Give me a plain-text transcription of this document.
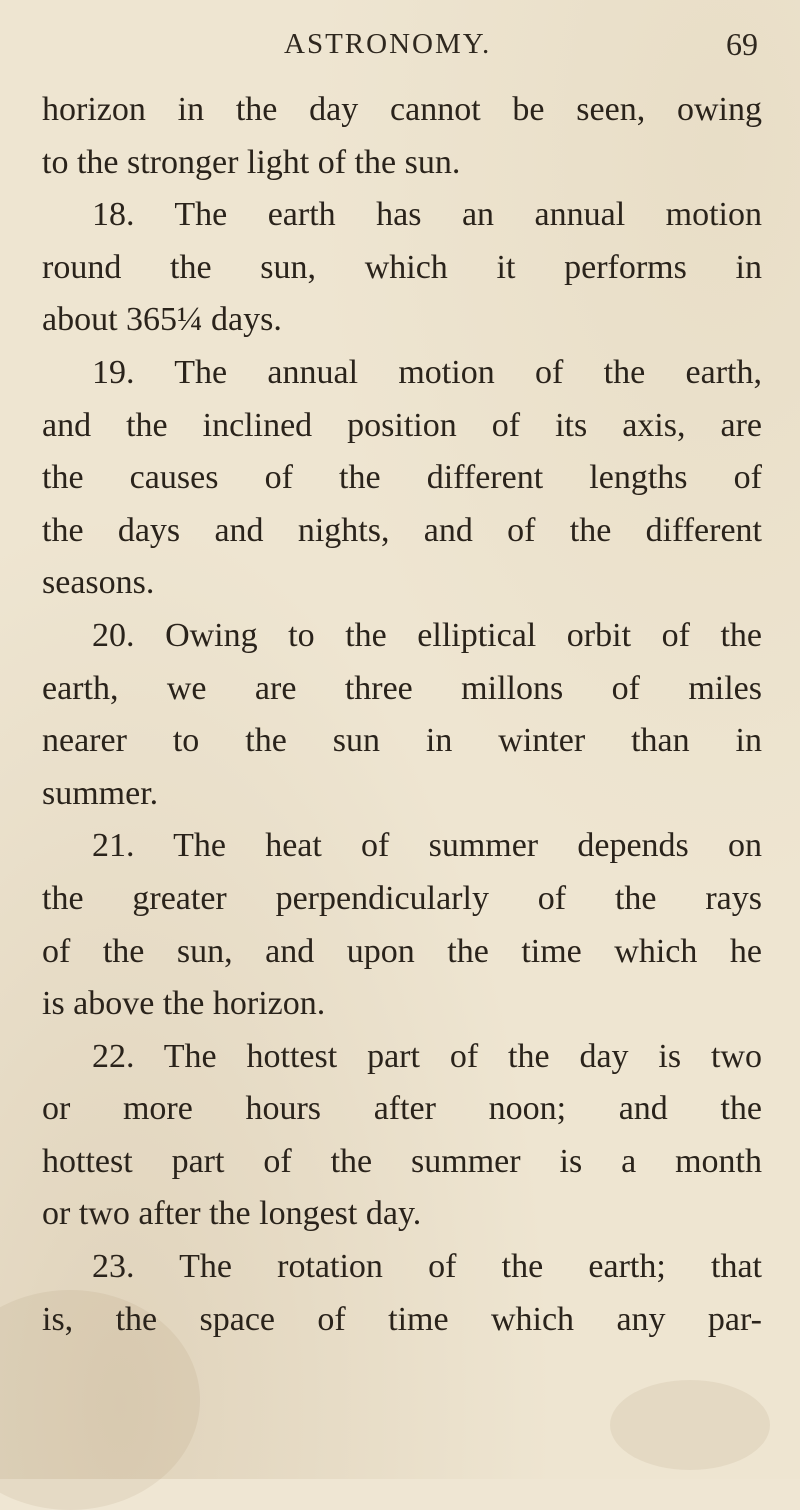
ASTRONOMY.	69
horizon in the day cannot be seen, owing
to the stronger light of the sun.
18. The earth has an annual motion
round the sun, which it performs in
about 365¼ days.
19. The annual motion of the earth,
and the inclined position of its axis, are
the causes of the different lengths of
the days and nights, and of the different
seasons.
20. Owing to the elliptical orbit of the
earth, we are three millons of miles
nearer to the sun in winter than in
summer.
21. The heat of summer depends on
the greater perpendicularly of the rays
of the sun, and upon the time which he
is above the horizon.
22. The hottest part of the day is two
or more hours after noon; and the
hottest part of the summer is a month
or two after the longest day.
23. The rotation of the earth; that
is, the space of time which any par-
